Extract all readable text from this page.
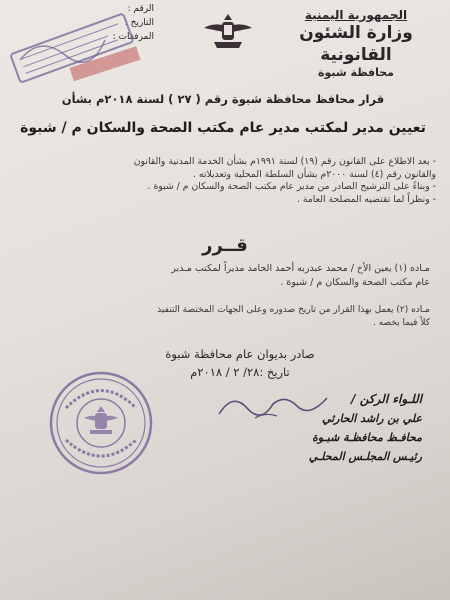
الرقم :
التاريخ :
المرفقات :
الجمهورية اليمنية
وزارة الشئون القانونية
محافظة شبوة
قرار محافظ محافظة شبوة رقم ( ٢٧ ) لسنة ٢٠١٨م بشأن
تعيين مدير لمكتب مدير عام مكتب الصحة والسكان م / شبوة
- بعد الاطلاع على القانون رقم (١٩) لسنة ١٩٩١م بشأن الخدمة المدنية والقانون
والقانون رقم (٤) لسنة ٢٠٠٠م بشأن السلطة المحلية وتعديلاته .
- وبناءً على الترشيح الصادر من مدير عام مكتب الصحة والسكان م / شبوة .
- ونظراً لما تقتضيه المصلحة العامة .
قــرر
مـاده (١) يعين الأخ / محمد عبدربه أحمد الحامد مديراً لمكتب مـدير
عام مكتب الصحة والسكان م / شبوة .
مـاده (٢) يعمل بهذا القرار من تاريخ صدوره وعلى الجهات المختصة التنفيذ
كلاً فيما يخصه .
صادر بديوان عام محافظة شبوة
تاريخ :٢٨/ ٢ / ٢٠١٨م
اللـواء الركن /
علي بن راشد الحارثي
محافـظ محافظـة شبـوة
رئيـس المجلـس المحلـي
